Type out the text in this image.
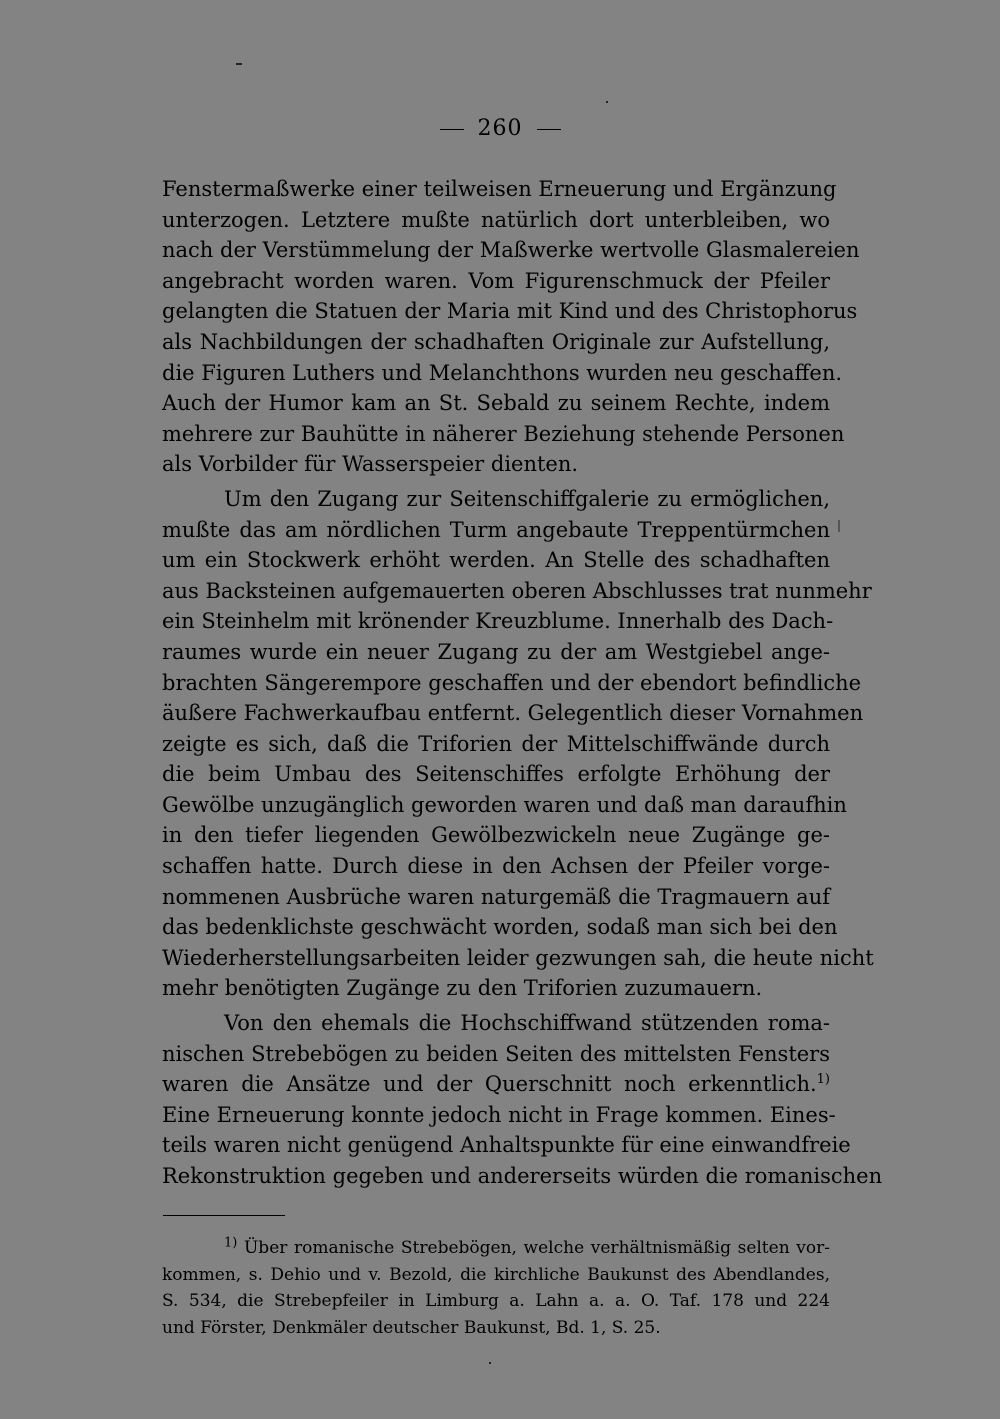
260
Fenstermaßwerke einer teilweisen Erneuerung und Ergänzung
unterzogen. Letztere mußte natürlich dort unterbleiben, wo
nach der Verstümmelung der Maßwerke wertvolle Glasmalereien
angebracht worden waren. Vom Figurenschmuck der Pfeiler
gelangten die Statuen der Maria mit Kind und des Christophorus
als Nachbildungen der schadhaften Originale zur Aufstellung,
die Figuren Luthers und Melanchthons wurden neu geschaffen.
Auch der Humor kam an St. Sebald zu seinem Rechte, indem
mehrere zur Bauhütte in näherer Beziehung stehende Personen
als Vorbilder für Wasserspeier dienten.
Um den Zugang zur Seitenschiffgalerie zu ermöglichen,
mußte das am nördlichen Turm angebaute Treppentürmchen
um ein Stockwerk erhöht werden. An Stelle des schadhaften
aus Backsteinen aufgemauerten oberen Abschlusses trat nunmehr
ein Steinhelm mit krönender Kreuzblume. Innerhalb des Dach-
raumes wurde ein neuer Zugang zu der am Westgiebel ange-
brachten Sängerempore geschaffen und der ebendort befindliche
äußere Fachwerkaufbau entfernt. Gelegentlich dieser Vornahmen
zeigte es sich, daß die Triforien der Mittelschiffwände durch
die beim Umbau des Seitenschiffes erfolgte Erhöhung der
Gewölbe unzugänglich geworden waren und daß man daraufhin
in den tiefer liegenden Gewölbezwickeln neue Zugänge ge-
schaffen hatte. Durch diese in den Achsen der Pfeiler vorge-
nommenen Ausbrüche waren naturgemäß die Tragmauern auf
das bedenklichste geschwächt worden, sodaß man sich bei den
Wiederherstellungsarbeiten leider gezwungen sah, die heute nicht
mehr benötigten Zugänge zu den Triforien zuzumauern.
Von den ehemals die Hochschiffwand stützenden roma-
nischen Strebebögen zu beiden Seiten des mittelsten Fensters
waren die Ansätze und der Querschnitt noch erkenntlich.$^{1)}$
Eine Erneuerung konnte jedoch nicht in Frage kommen. Eines-
teils waren nicht genügend Anhaltspunkte für eine einwandfreie
Rekonstruktion gegeben und andererseits würden die romanischen
$^{1)}$ Über romanische Strebebögen, welche verhältnismäßig selten vor-
kommen, s. Dehio und v. Bezold, die kirchliche Baukunst des Abendlandes,
S. 534, die Strebepfeiler in Limburg a. Lahn a. a. O. Taf. 178 und 224
und Förster, Denkmäler deutscher Baukunst, Bd. 1, S. 25.
